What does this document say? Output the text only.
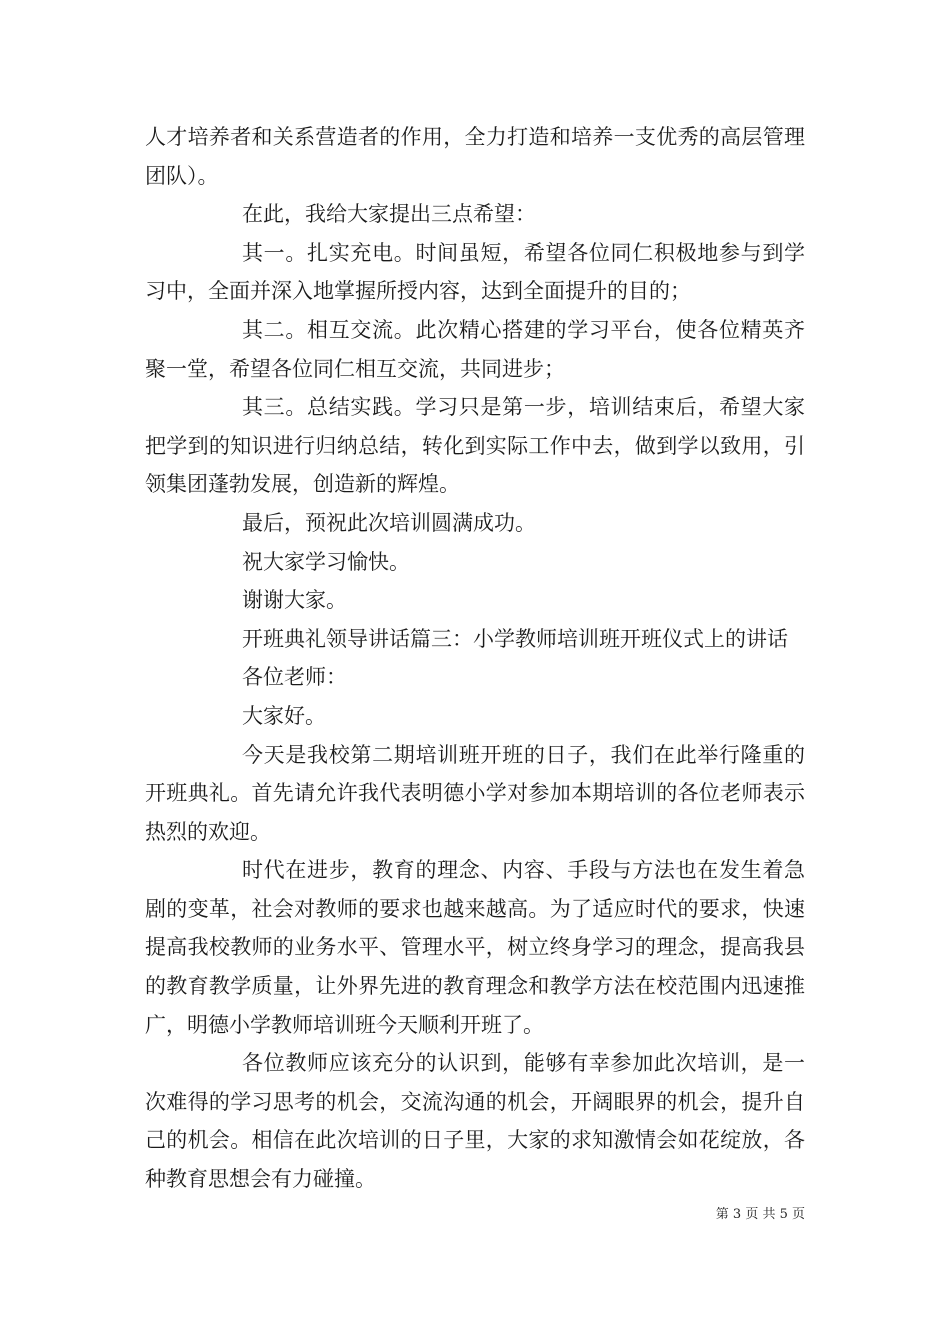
人才培养者和关系营造者的作用，全力打造和培养一支优秀的高层管理团队）。

在此，我给大家提出三点希望：

其一。扎实充电。时间虽短，希望各位同仁积极地参与到学习中，全面并深入地掌握所授内容，达到全面提升的目的；

其二。相互交流。此次精心搭建的学习平台，使各位精英齐聚一堂，希望各位同仁相互交流，共同进步；

其三。总结实践。学习只是第一步，培训结束后，希望大家把学到的知识进行归纳总结，转化到实际工作中去，做到学以致用，引领集团蓬勃发展，创造新的辉煌。

最后，预祝此次培训圆满成功。

祝大家学习愉快。

谢谢大家。

开班典礼领导讲话篇三：小学教师培训班开班仪式上的讲话

各位老师：

大家好。

今天是我校第二期培训班开班的日子，我们在此举行隆重的开班典礼。首先请允许我代表明德小学对参加本期培训的各位老师表示热烈的欢迎。

时代在进步，教育的理念、内容、手段与方法也在发生着急剧的变革，社会对教师的要求也越来越高。为了适应时代的要求，快速提高我校教师的业务水平、管理水平，树立终身学习的理念，提高我县的教育教学质量，让外界先进的教育理念和教学方法在校范围内迅速推广，明德小学教师培训班今天顺利开班了。

各位教师应该充分的认识到，能够有幸参加此次培训，是一次难得的学习思考的机会，交流沟通的机会，开阔眼界的机会，提升自己的机会。相信在此次培训的日子里，大家的求知激情会如花绽放，各种教育思想会有力碰撞。

第 3 页 共 5 页
